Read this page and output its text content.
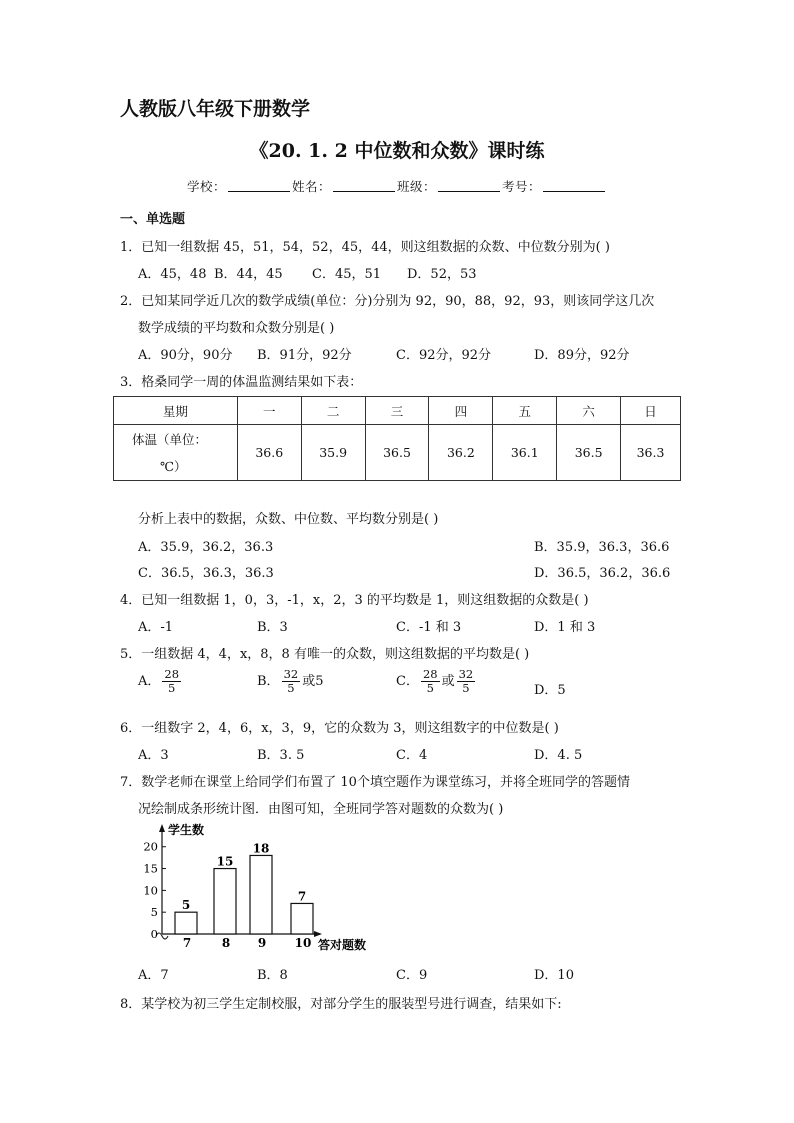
人教版八年级下册数学
《20. 1. 2 中位数和众数》课时练
学校：	姓名：	班级：	考号：
一、单选题
1．已知一组数据 45，51，54，52，45，44，则这组数据的众数、中位数分别为( )
A．45，48 B．44，45 C．45，51 D．52，53
2．已知某同学近几次的数学成绩(单位：分)分别为 92，90，88，92，93，则该同学这几次
数学成绩的平均数和众数分别是( )
A．90分，90分 B．91分，92分	C．92分，92分	D．89分，92分
3．格桑同学一周的体温监测结果如下表：
星期	一	二	三	四	五	六	日
体温（单位：
℃）	36.6	35.9	36.5	36.2	36.1	36.5	36.3
分析上表中的数据，众数、中位数、平均数分别是( )
A．35.9，36.2，36.3	B．35.9，36.3，36.6
C．36.5，36.3，36.3	D．36.5，36.2，36.6
4．已知一组数据 1，0，3，-1，x，2，3 的平均数是 1，则这组数据的众数是( )
A．-1	B．3	C．-1 和 3	D．1 和 3
5．一组数据 4，4，x，8，8 有唯一的众数，则这组数据的平均数是( )
A． $\frac{28}{5}$	B． $\frac{32}{5}$ 或5	C． $\frac{28}{5}$ 或 $\frac{32}{5}$	D．5
6．一组数字 2，4，6，x，3，9，它的众数为 3，则这组数字的中位数是( )
A．3	B．3. 5	C．4	D．4. 5
7．数学老师在课堂上给同学们布置了 10个填空题作为课堂练习，并将全班同学的答题情
况绘制成条形统计图．由图可知，全班同学答对题数的众数为( )
学生数
0
5
10
15
20
5
7
15
8
18
9
7
10 答对题数
A．7	B．8	C．9	D．10
8．某学校为初三学生定制校服，对部分学生的服装型号进行调查，结果如下:
